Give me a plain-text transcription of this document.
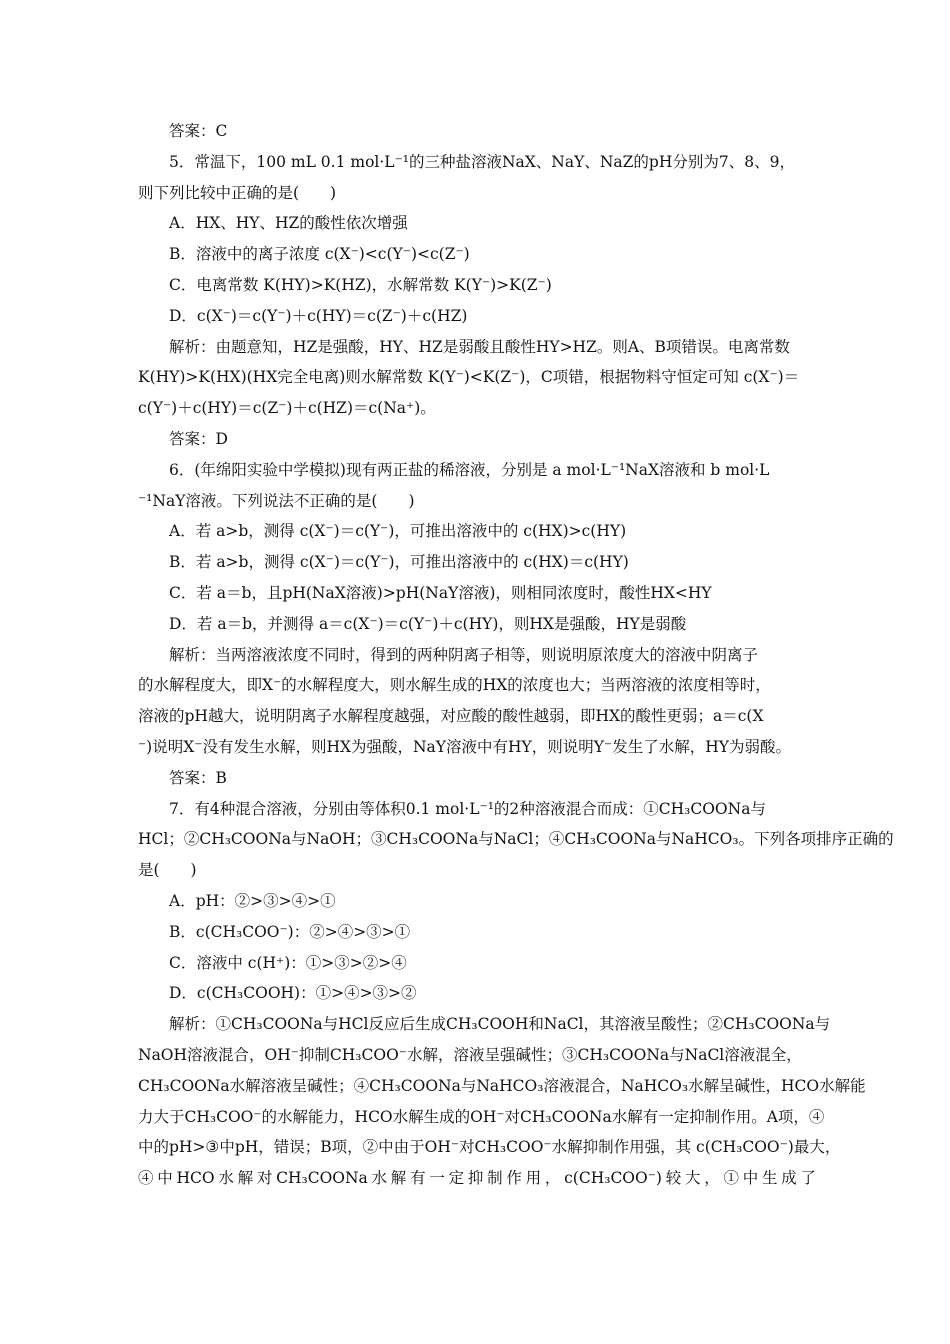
答案：C
5．常温下，100 mL 0.1 mol·L⁻¹的三种盐溶液NaX、NaY、NaZ的pH分别为7、8、9，
则下列比较中正确的是(　　)
A．HX、HY、HZ的酸性依次增强
B．溶液中的离子浓度 c(X⁻)<c(Y⁻)<c(Z⁻)
C．电离常数 K(HY)>K(HZ)，水解常数 K(Y⁻)>K(Z⁻)
D．c(X⁻)＝c(Y⁻)＋c(HY)＝c(Z⁻)＋c(HZ)
解析：由题意知，HZ是强酸，HY、HZ是弱酸且酸性HY>HZ。则A、B项错误。电离常数
K(HY)>K(HX)(HX完全电离)则水解常数 K(Y⁻)<K(Z⁻)，C项错，根据物料守恒定可知 c(X⁻)＝
c(Y⁻)＋c(HY)＝c(Z⁻)＋c(HZ)＝c(Na⁺)。
答案：D
6．(年绵阳实验中学模拟)现有两正盐的稀溶液，分别是 a mol·L⁻¹NaX溶液和 b mol·L
⁻¹NaY溶液。下列说法不正确的是(　　)
A．若 a>b，测得 c(X⁻)＝c(Y⁻)，可推出溶液中的 c(HX)>c(HY)
B．若 a>b，测得 c(X⁻)＝c(Y⁻)，可推出溶液中的 c(HX)＝c(HY)
C．若 a＝b，且pH(NaX溶液)>pH(NaY溶液)，则相同浓度时，酸性HX<HY
D．若 a＝b，并测得 a＝c(X⁻)＝c(Y⁻)＋c(HY)，则HX是强酸，HY是弱酸
解析：当两溶液浓度不同时，得到的两种阴离子相等，则说明原浓度大的溶液中阴离子
的水解程度大，即X⁻的水解程度大，则水解生成的HX的浓度也大；当两溶液的浓度相等时，
溶液的pH越大，说明阴离子水解程度越强，对应酸的酸性越弱，即HX的酸性更弱；a＝c(X
⁻)说明X⁻没有发生水解，则HX为强酸，NaY溶液中有HY，则说明Y⁻发生了水解，HY为弱酸。
答案：B
7．有4种混合溶液，分别由等体积0.1 mol·L⁻¹的2种溶液混合而成：①CH₃COONa与
HCl；②CH₃COONa与NaOH；③CH₃COONa与NaCl；④CH₃COONa与NaHCO₃。下列各项排序正确的
是(　　)
A．pH：②>③>④>①
B．c(CH₃COO⁻)：②>④>③>①
C．溶液中 c(H⁺)：①>③>②>④
D．c(CH₃COOH)：①>④>③>②
解析：①CH₃COONa与HCl反应后生成CH₃COOH和NaCl，其溶液呈酸性；②CH₃COONa与
NaOH溶液混合，OH⁻抑制CH₃COO⁻水解，溶液呈强碱性；③CH₃COONa与NaCl溶液混全，
CH₃COONa水解溶液呈碱性；④CH₃COONa与NaHCO₃溶液混合，NaHCO₃水解呈碱性，HCO水解能
力大于CH₃COO⁻的水解能力，HCO水解生成的OH⁻对CH₃COONa水解有一定抑制作用。A项，④
中的pH>③中pH，错误；B项，②中由于OH⁻对CH₃COO⁻水解抑制作用强，其 c(CH₃COO⁻)最大，
④中HCO水解对CH₃COONa水解有一定抑制作用，c(CH₃COO⁻)较大，①中生成了
